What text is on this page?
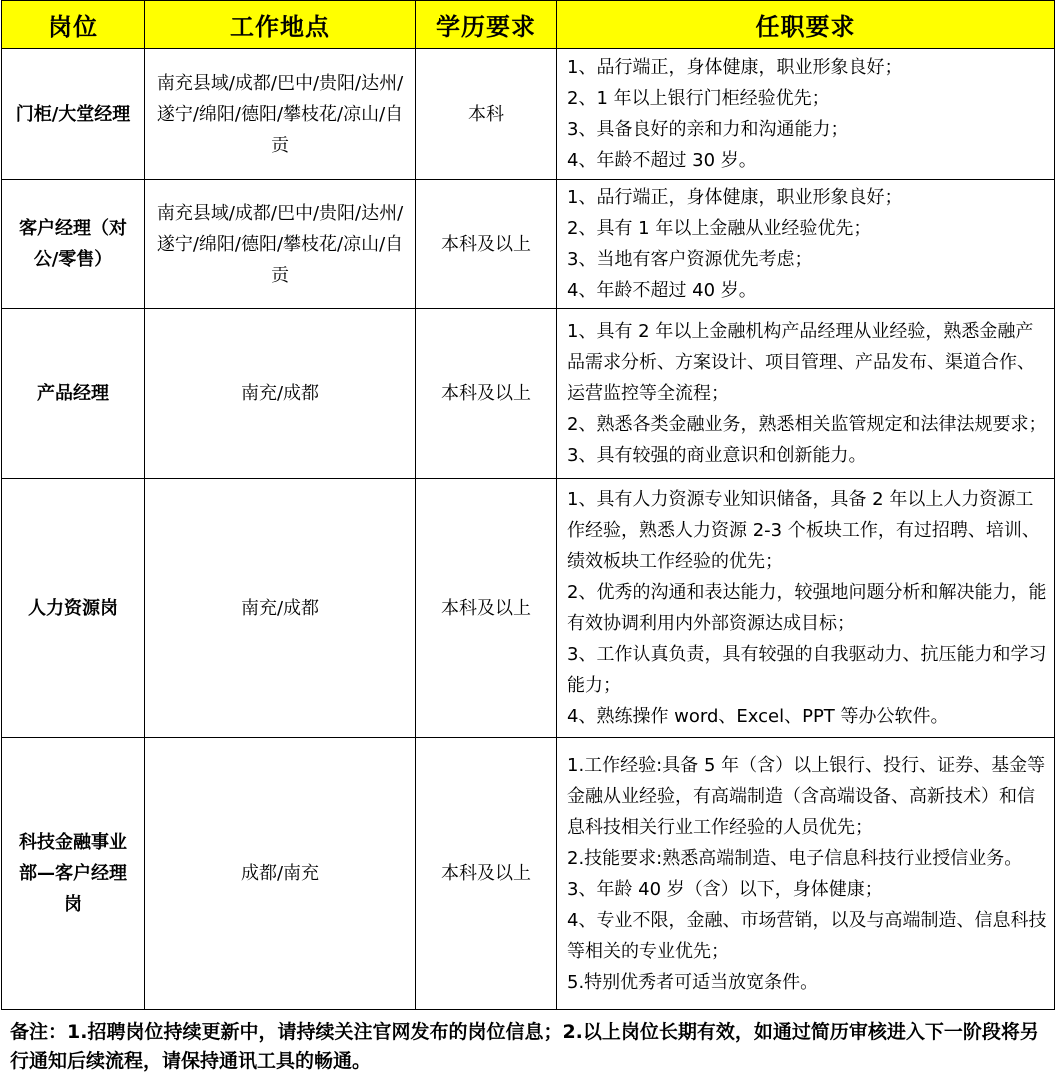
岗位	工作地点	学历要求	任职要求
门柜/大堂经理	南充县域/成都/巴中/贵阳/达州/遂宁/绵阳/德阳/攀枝花/凉山/自贡	本科	1、品行端正，身体健康，职业形象良好；
2、1 年以上银行门柜经验优先；
3、具备良好的亲和力和沟通能力；
4、年龄不超过 30 岁。

客户经理（对公/零售）	南充县域/成都/巴中/贵阳/达州/遂宁/绵阳/德阳/攀枝花/凉山/自贡	本科及以上	1、品行端正，身体健康，职业形象良好；
2、具有 1 年以上金融从业经验优先；
3、当地有客户资源优先考虑；
4、年龄不超过 40 岁。

产品经理	南充/成都	本科及以上	1、具有 2 年以上金融机构产品经理从业经验，熟悉金融产品需求分析、方案设计、项目管理、产品发布、渠道合作、运营监控等全流程；
2、熟悉各类金融业务，熟悉相关监管规定和法律法规要求；
3、具有较强的商业意识和创新能力。

人力资源岗	南充/成都	本科及以上	1、具有人力资源专业知识储备，具备 2 年以上人力资源工作经验，熟悉人力资源 2-3 个板块工作，有过招聘、培训、绩效板块工作经验的优先；
2、优秀的沟通和表达能力，较强地问题分析和解决能力，能有效协调利用内外部资源达成目标；
3、工作认真负责，具有较强的自我驱动力、抗压能力和学习能力；
4、熟练操作 word、Excel、PPT 等办公软件。

科技金融事业部—客户经理岗	成都/南充	本科及以上	1.工作经验:具备 5 年（含）以上银行、投行、证券、基金等金融从业经验，有高端制造（含高端设备、高新技术）和信息科技相关行业工作经验的人员优先；
2.技能要求:熟悉高端制造、电子信息科技行业授信业务。
3、年龄 40 岁（含）以下，身体健康；
4、专业不限，金融、市场营销，以及与高端制造、信息科技等相关的专业优先；
5.特别优秀者可适当放宽条件。
备注：1.招聘岗位持续更新中，请持续关注官网发布的岗位信息；2.以上岗位长期有效，如通过简历审核进入下一阶段将另行通知后续流程，请保持通讯工具的畅通。
